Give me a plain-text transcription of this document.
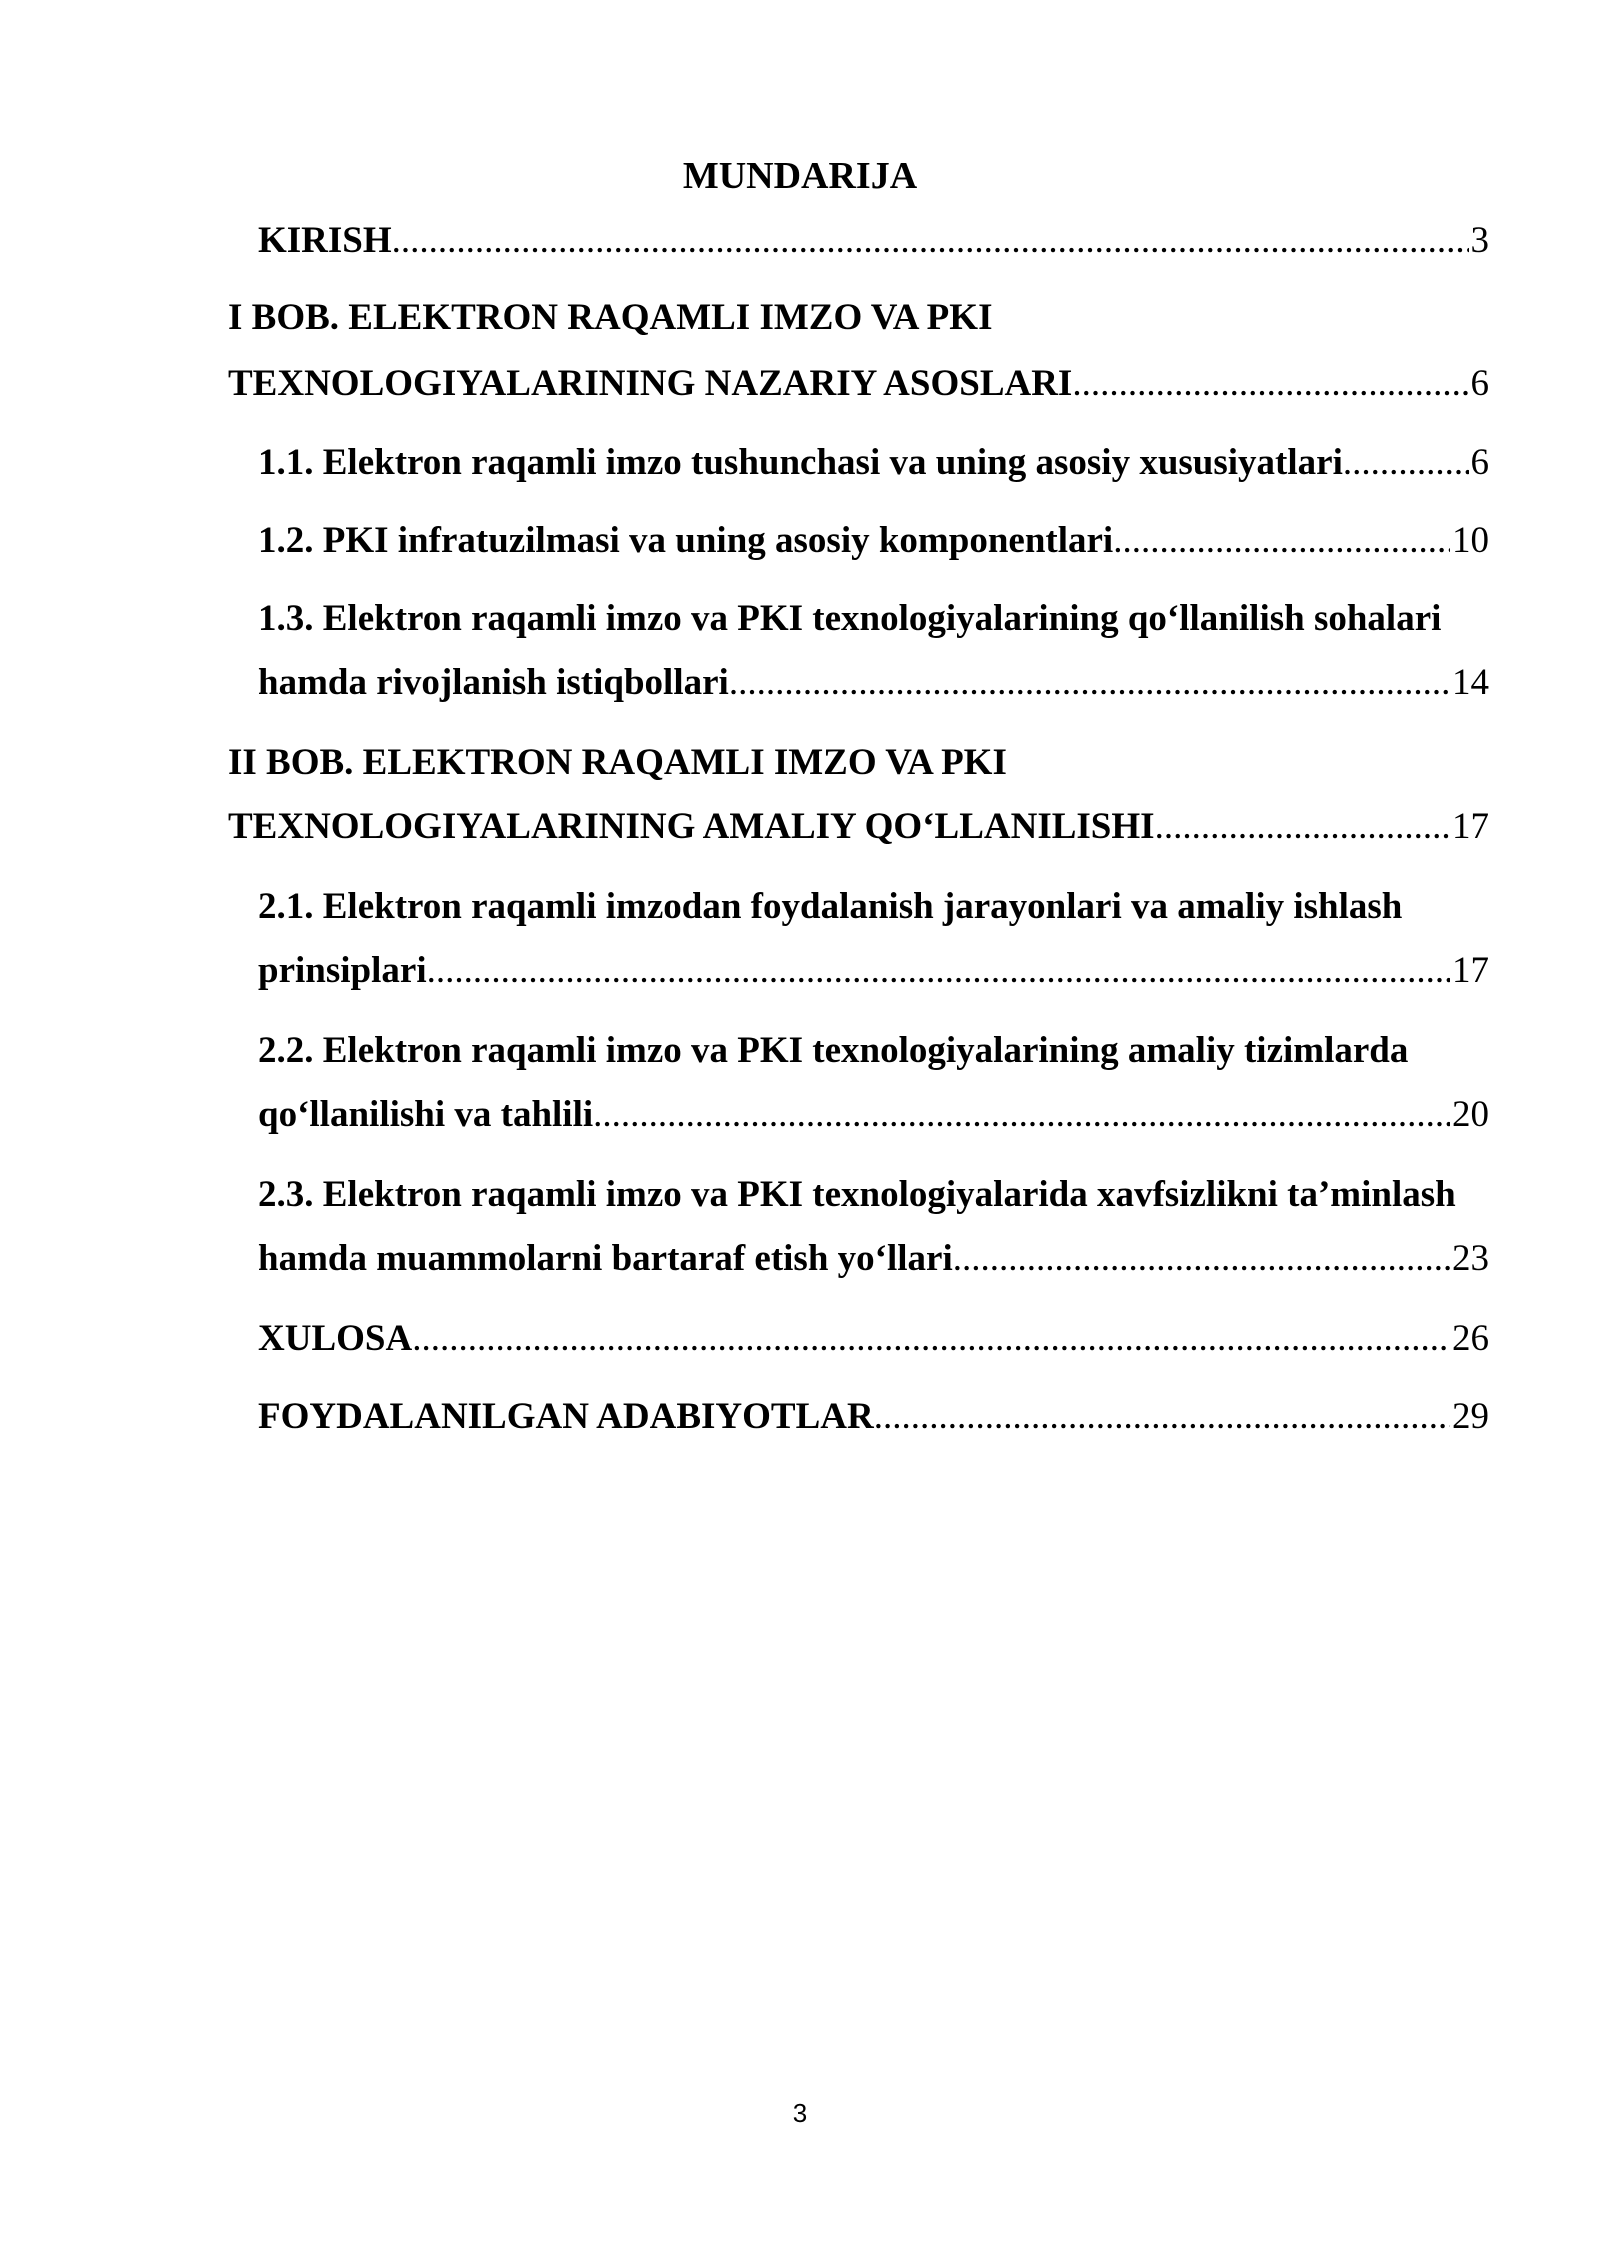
MUNDARIJA
KIRISH .....	3
I BOB. ELEKTRON RAQAMLI IMZO VA PKI
TEXNOLOGIYALARINING NAZARIY ASOSLARI .....	6
1.1. Elektron raqamli imzo tushunchasi va uning asosiy xususiyatlari .....	6
1.2. PKI infratuzilmasi va uning asosiy komponentlari .....	10
1.3. Elektron raqamli imzo va PKI texnologiyalarining qo‘llanilish sohalari
hamda rivojlanish istiqbollari .....	14
II BOB. ELEKTRON RAQAMLI IMZO VA PKI
TEXNOLOGIYALARINING AMALIY QO‘LLANILISHI .....	17
2.1. Elektron raqamli imzodan foydalanish jarayonlari va amaliy ishlash
prinsiplari .....	17
2.2. Elektron raqamli imzo va PKI texnologiyalarining amaliy tizimlarda
qo‘llanilishi va tahlili .....	20
2.3. Elektron raqamli imzo va PKI texnologiyalarida xavfsizlikni ta’minlash
hamda muammolarni bartaraf etish yo‘llari .....	23
XULOSA .....	26
FOYDALANILGAN ADABIYOTLAR .....	29
3
